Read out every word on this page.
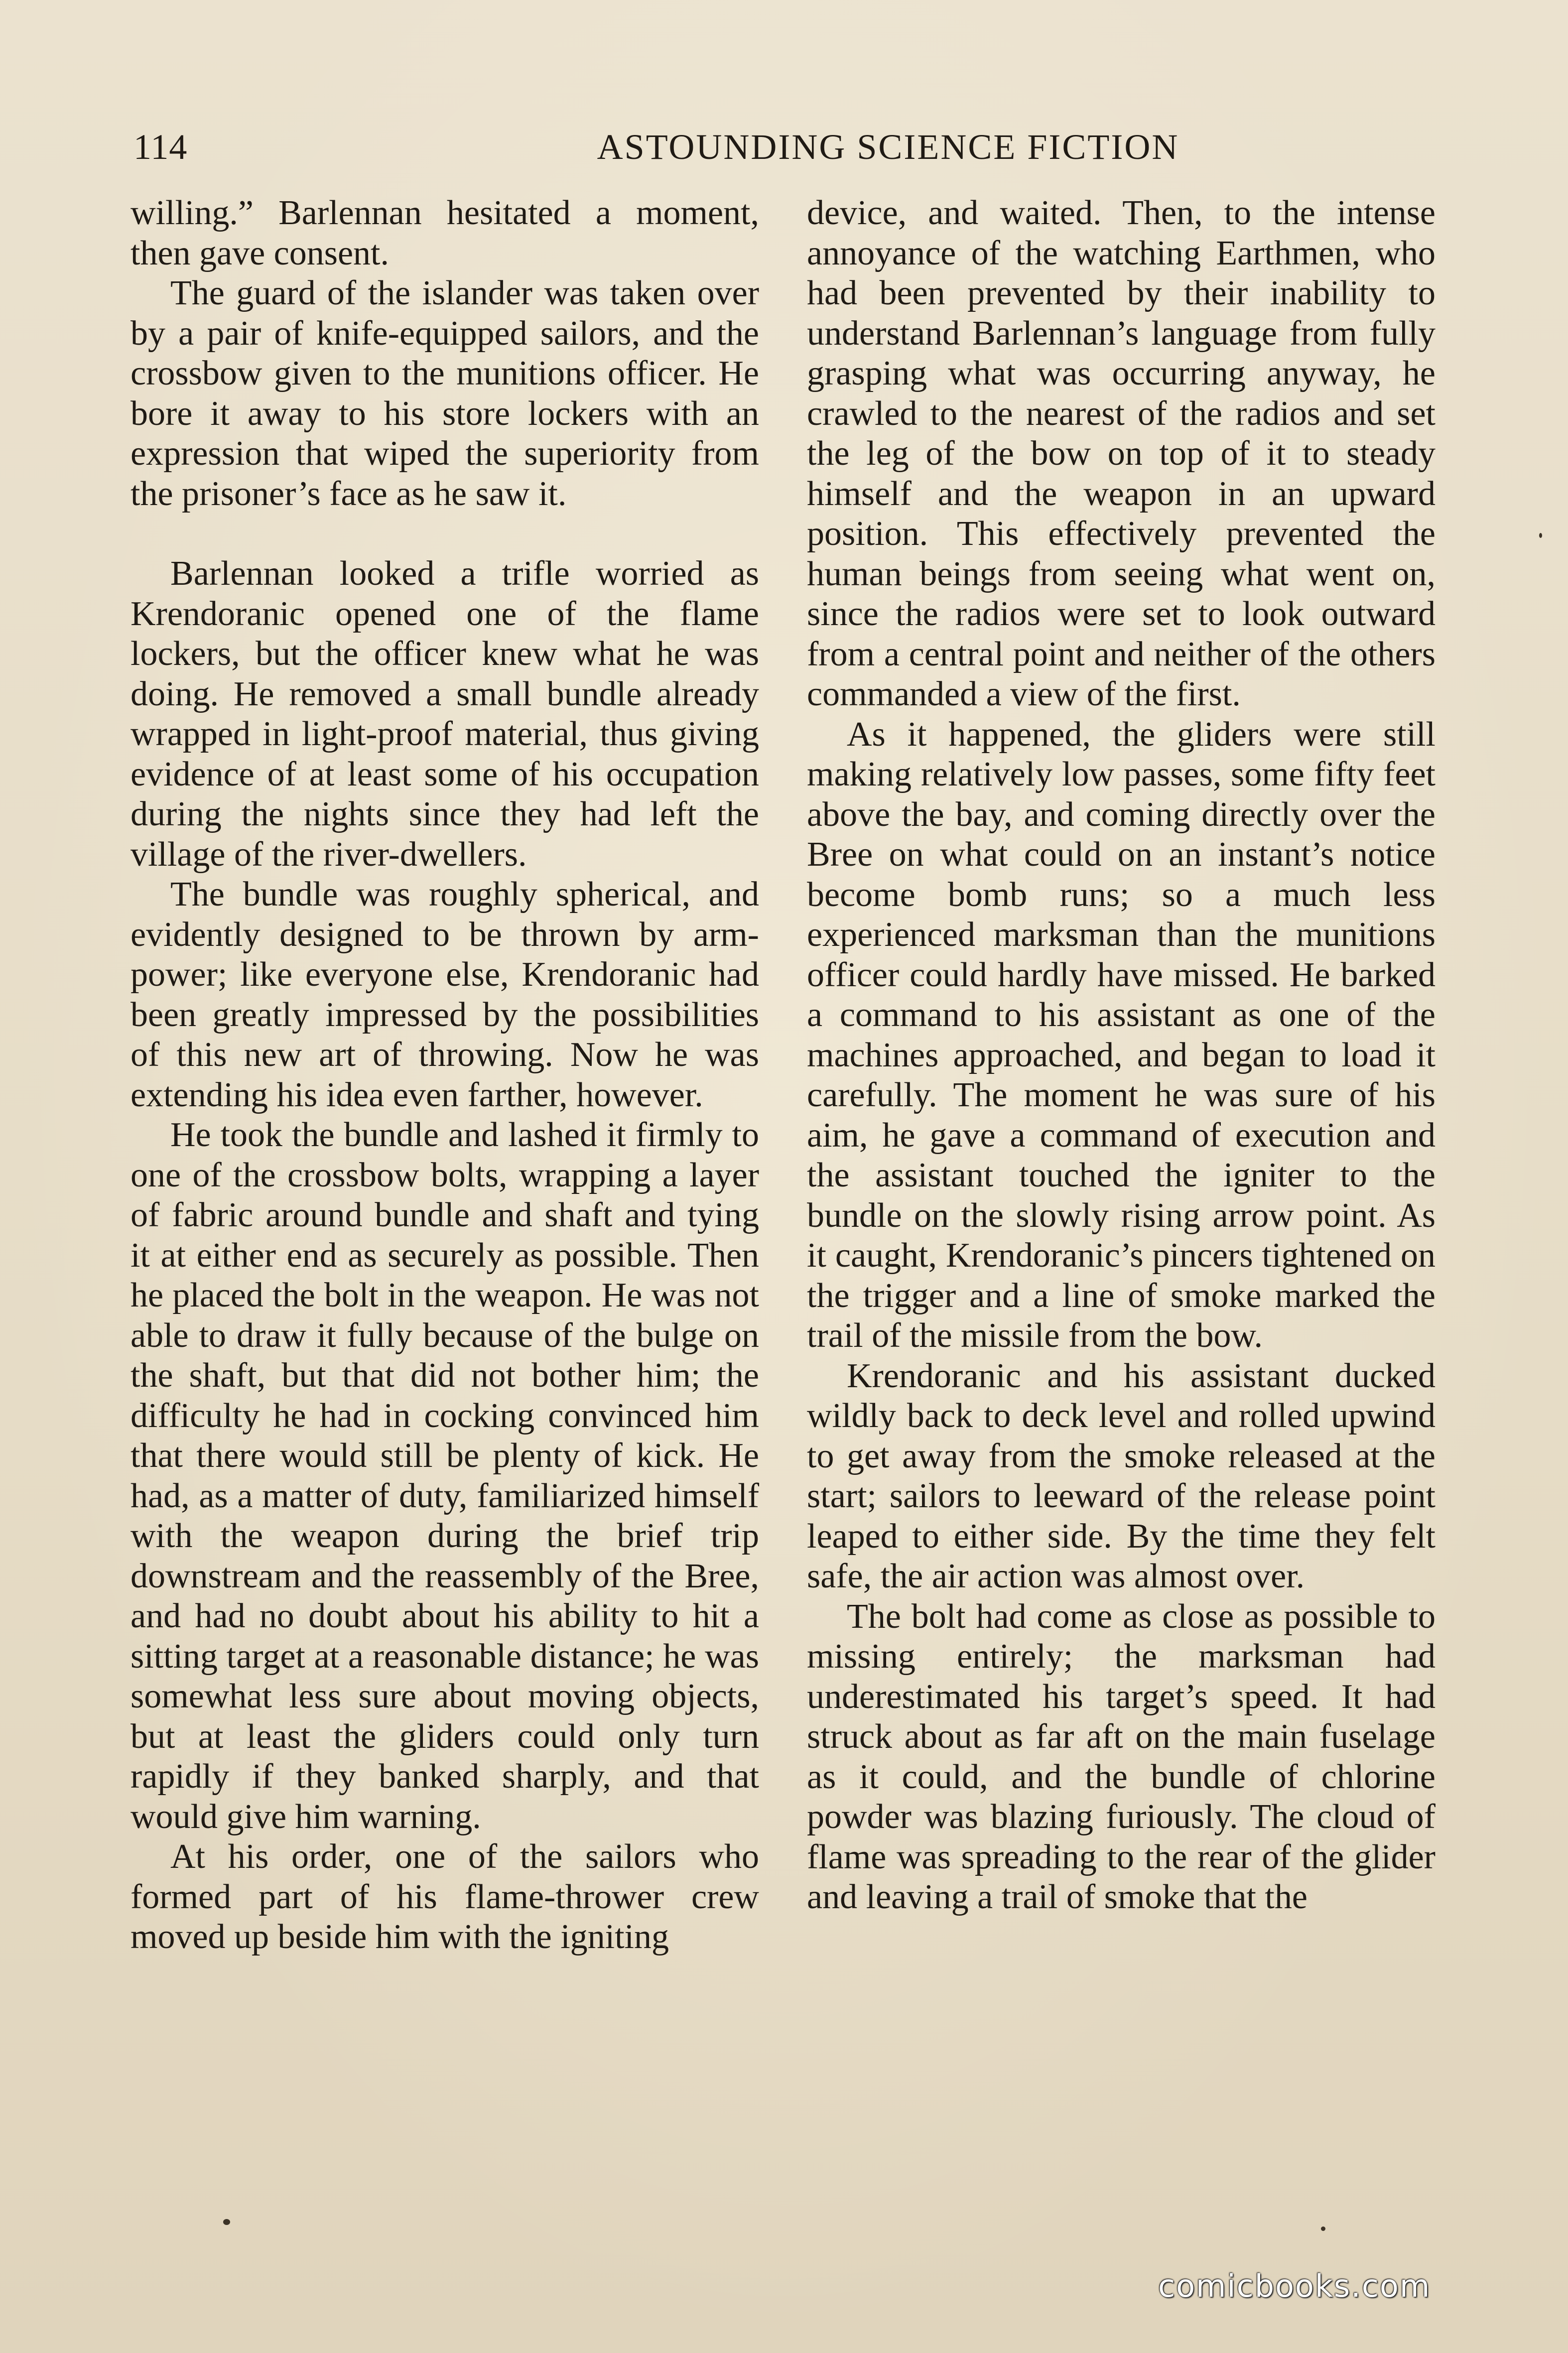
114	ASTOUNDING SCIENCE FICTION

willing.” Barlennan hesitated a moment, then gave consent.

The guard of the islander was taken over by a pair of knife-equipped sailors, and the crossbow given to the munitions officer. He bore it away to his store lockers with an expression that wiped the superiority from the prisoner’s face as he saw it.

Barlennan looked a trifle worried as Krendoranic opened one of the flame lockers, but the officer knew what he was doing. He removed a small bundle already wrapped in light-proof material, thus giving evidence of at least some of his occupation during the nights since they had left the village of the river-dwellers.

The bundle was roughly spherical, and evidently designed to be thrown by arm-power; like everyone else, Krendoranic had been greatly impressed by the possibilities of this new art of throwing. Now he was extending his idea even farther, however.

He took the bundle and lashed it firmly to one of the crossbow bolts, wrapping a layer of fabric around bundle and shaft and tying it at either end as securely as possible. Then he placed the bolt in the weapon. He was not able to draw it fully because of the bulge on the shaft, but that did not bother him; the difficulty he had in cocking convinced him that there would still be plenty of kick. He had, as a matter of duty, familiarized himself with the weapon during the brief trip downstream and the reassembly of the Bree, and had no doubt about his ability to hit a sitting target at a reasonable distance; he was somewhat less sure about moving objects, but at least the gliders could only turn rapidly if they banked sharply, and that would give him warning.

At his order, one of the sailors who formed part of his flame-thrower crew moved up beside him with the igniting

device, and waited. Then, to the intense annoyance of the watching Earthmen, who had been prevented by their inability to understand Barlennan’s language from fully grasping what was occurring anyway, he crawled to the nearest of the radios and set the leg of the bow on top of it to steady himself and the weapon in an upward position. This effectively prevented the human beings from seeing what went on, since the radios were set to look outward from a central point and neither of the others commanded a view of the first.

As it happened, the gliders were still making relatively low passes, some fifty feet above the bay, and coming directly over the Bree on what could on an instant’s notice become bomb runs; so a much less experienced marksman than the munitions officer could hardly have missed. He barked a command to his assistant as one of the machines approached, and began to load it carefully. The moment he was sure of his aim, he gave a command of execution and the assistant touched the igniter to the bundle on the slowly rising arrow point. As it caught, Krendoranic’s pincers tightened on the trigger and a line of smoke marked the trail of the missile from the bow.

Krendoranic and his assistant ducked wildly back to deck level and rolled upwind to get away from the smoke released at the start; sailors to leeward of the release point leaped to either side. By the time they felt safe, the air action was almost over.

The bolt had come as close as possible to missing entirely; the marksman had underestimated his target’s speed. It had struck about as far aft on the main fuselage as it could, and the bundle of chlorine powder was blazing furiously. The cloud of flame was spreading to the rear of the glider and leaving a trail of smoke that the

comicbooks.com
